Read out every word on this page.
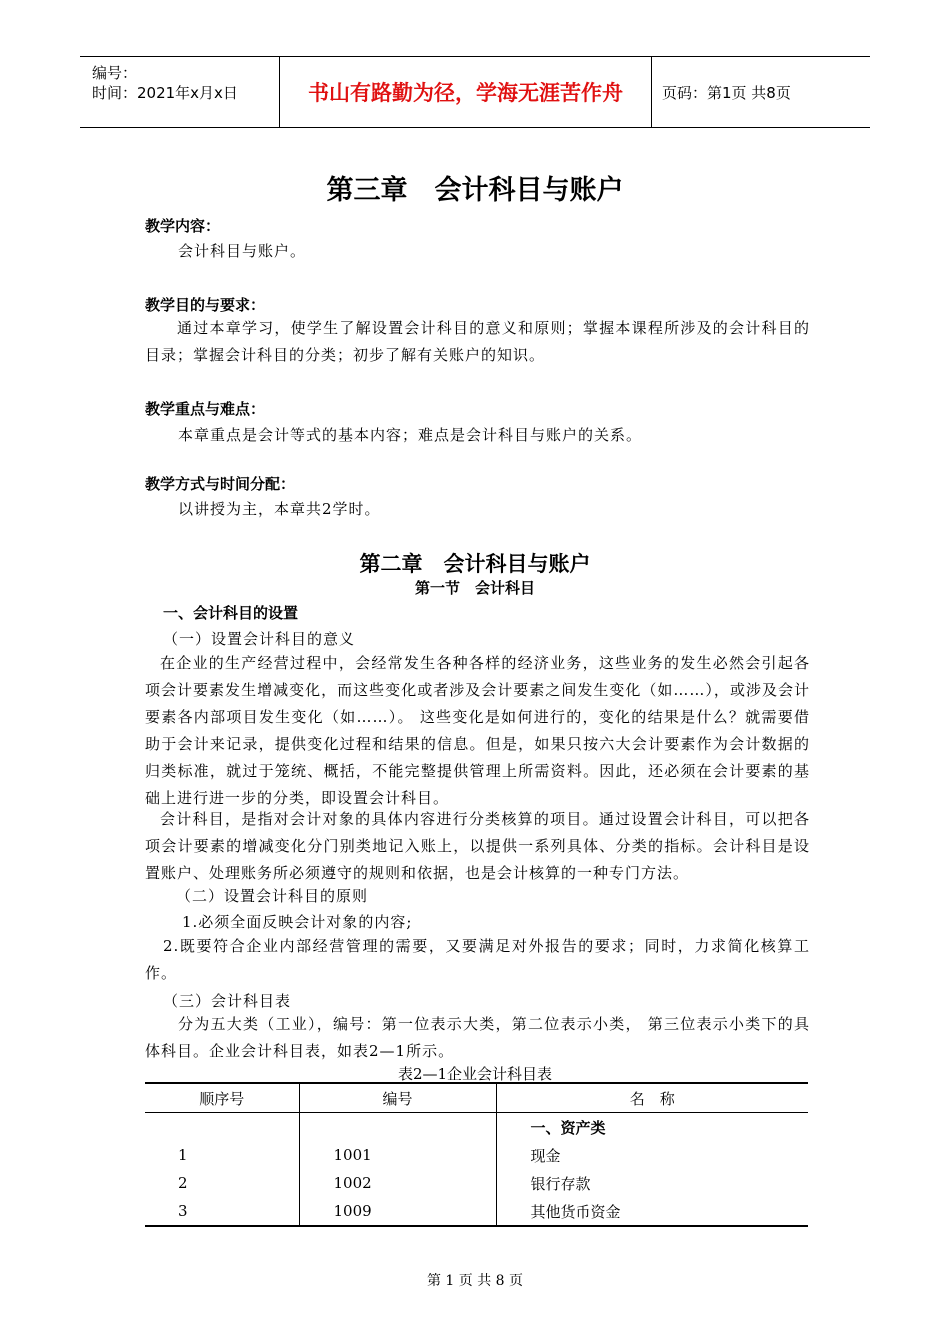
编号：
时间：2021年x月x日	书山有路勤为径，学海无涯苦作舟	页码：第1页 共8页
第三章　会计科目与账户
教学内容：
会计科目与账户。
教学目的与要求：
通过本章学习，使学生了解设置会计科目的意义和原则；掌握本课程所涉及的会计科目的目录；掌握会计科目的分类；初步了解有关账户的知识。
教学重点与难点：
本章重点是会计等式的基本内容；难点是会计科目与账户的关系。
教学方式与时间分配：
以讲授为主，本章共2学时。
第二章　会计科目与账户
第一节　会计科目
一、会计科目的设置
（一）设置会计科目的意义
在企业的生产经营过程中，会经常发生各种各样的经济业务，这些业务的发生必然会引起各项会计要素发生增减变化，而这些变化或者涉及会计要素之间发生变化（如……），或涉及会计要素各内部项目发生变化（如……）。 这些变化是如何进行的，变化的结果是什么？就需要借助于会计来记录，提供变化过程和结果的信息。但是，如果只按六大会计要素作为会计数据的归类标准，就过于笼统、概括，不能完整提供管理上所需资料。因此，还必须在会计要素的基础上进行进一步的分类，即设置会计科目。
会计科目，是指对会计对象的具体内容进行分类核算的项目。通过设置会计科目，可以把各项会计要素的增减变化分门别类地记入账上，以提供一系列具体、分类的指标。会计科目是设置账户、处理账务所必须遵守的规则和依据，也是会计核算的一种专门方法。
（二）设置会计科目的原则
1.必须全面反映会计对象的内容;
2.既要符合企业内部经营管理的需要，又要满足对外报告的要求；同时，力求简化核算工作。
（三）会计科目表
分为五大类（工业），编号：第一位表示大类，第二位表示小类， 第三位表示小类下的具体科目。企业会计科目表，如表2—1所示。
表2—1企业会计科目表
顺序号	编号	名　称
		一、资产类
1	1001	现金
2	1002	银行存款
3	1009	其他货币资金
第 1 页 共 8 页
